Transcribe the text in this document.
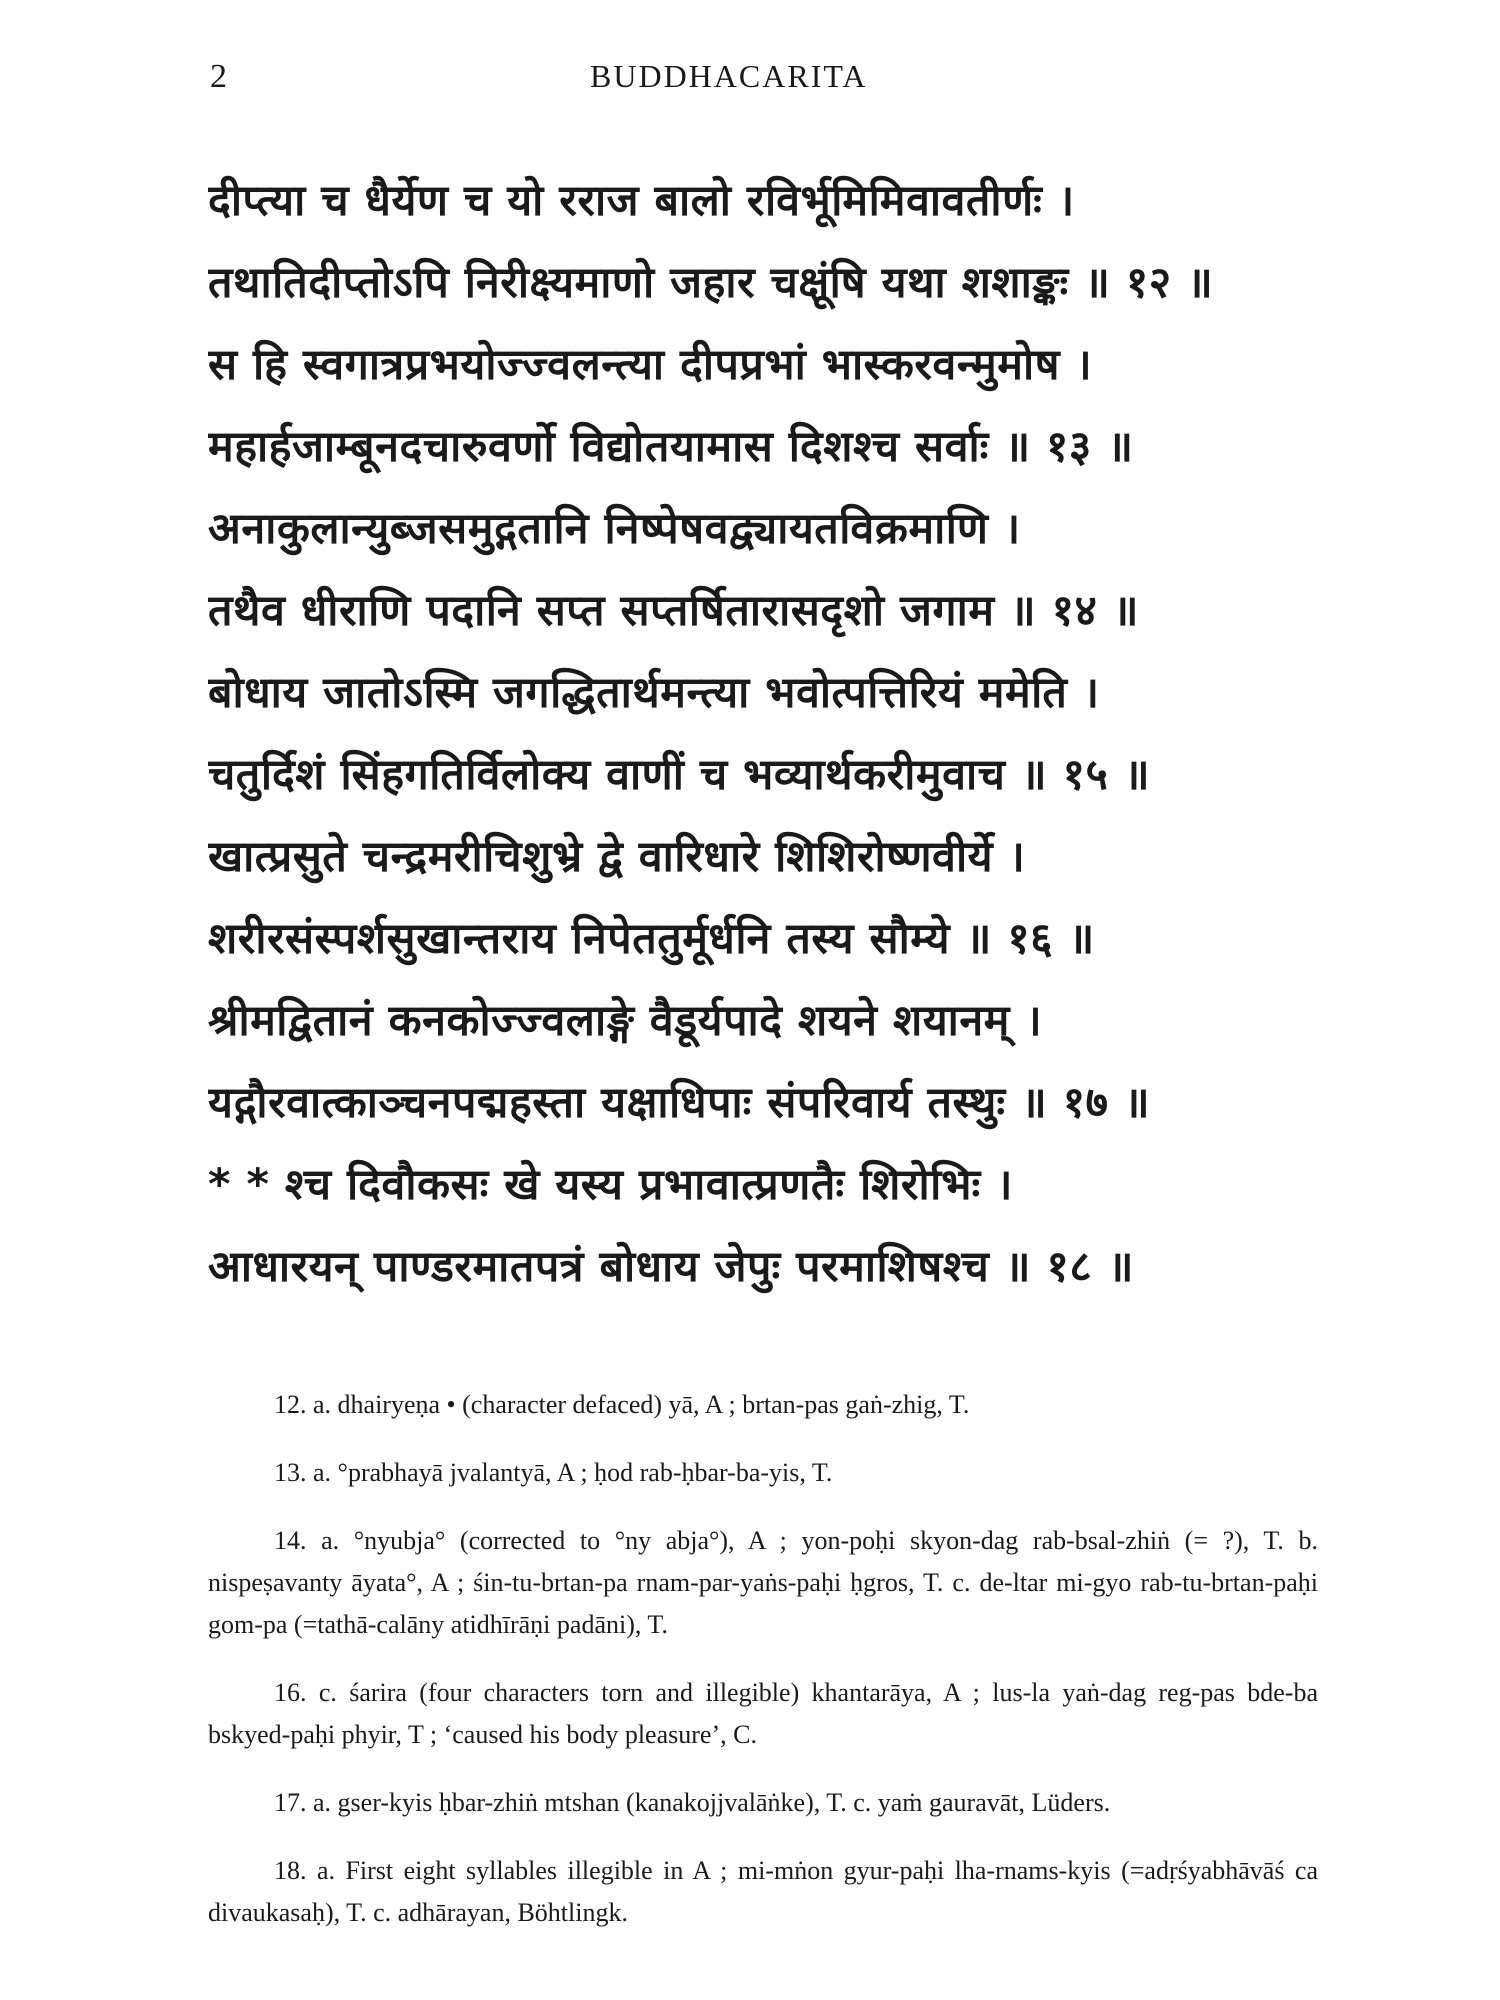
2	BUDDHACARITA
दीप्त्या च धैर्येण च यो रराज बालो रविर्भूमिमिवावतीर्णः ।
तथातिदीप्तोऽपि निरीक्ष्यमाणो जहार चक्षूंषि यथा शशाङ्कः ॥ १२ ॥
स हि स्वगात्रप्रभयोज्ज्वलन्त्या दीपप्रभां भास्करवन्मुमोष ।
महार्हजाम्बूनदचारुवर्णो विद्योतयामास दिशश्च सर्वाः ॥ १३ ॥
अनाकुलान्युब्जसमुद्गतानि निष्पेषवद्व्यायतविक्रमाणि ।
तथैव धीराणि पदानि सप्त सप्तर्षितारासदृशो जगाम ॥ १४ ॥
बोधाय जातोऽस्मि जगद्धितार्थमन्त्या भवोत्पत्तिरियं ममेति ।
चतुर्दिशं सिंहगतिर्विलोक्य वाणीं च भव्यार्थकरीमुवाच ॥ १५ ॥
खात्प्रसुते चन्द्रमरीचिशुभ्रे द्वे वारिधारे शिशिरोष्णवीर्ये ।
शरीरसंस्पर्शसुखान्तराय निपेततुर्मूर्धनि तस्य सौम्ये ॥ १६ ॥
श्रीमद्वितानं कनकोज्ज्वलाङ्गे वैडूर्यपादे शयने शयानम् ।
यद्गौरवात्काञ्चनपद्महस्ता यक्षाधिपाः संपरिवार्य तस्थुः ॥ १७ ॥
* * श्च दिवौकसः खे यस्य प्रभावात्प्रणतैः शिरोभिः ।
आधारयन् पाण्डरमातपत्रं बोधाय जेपुः परमाशिषश्च ॥ १८ ॥

12. a. dhairyeṇa • (character defaced) yā, A ; brtan-pas gaṅ-zhig, T.

13. a. °prabhayā jvalantyā, A ; ḥod rab-ḥbar-ba-yis, T.

14. a. °nyubja° (corrected to °ny abja°), A ; yon-poḥi skyon-dag rab-bsal-zhiṅ (= ?), T. b. nispeṣavanty āyata°, A ; śin-tu-brtan-pa rnam-par-yaṅs-paḥi ḥgros, T. c. de-ltar mi-gyo rab-tu-brtan-paḥi gom-pa (=tathā-calāny atidhīrāṇi padāni), T.

16. c. śarira (four characters torn and illegible) khantarāya, A ; lus-la yaṅ-dag reg-pas bde-ba bskyed-paḥi phyir, T ; ‘caused his body pleasure’, C.

17. a. gser-kyis ḥbar-zhiṅ mtshan (kanakojjvalāṅke), T. c. yaṁ gauravāt, Lüders.

18. a. First eight syllables illegible in A ; mi-mṅon gyur-paḥi lha-rnams-kyis (=adṛśyabhāvāś ca divaukasaḥ), T. c. adhārayan, Böhtlingk.
